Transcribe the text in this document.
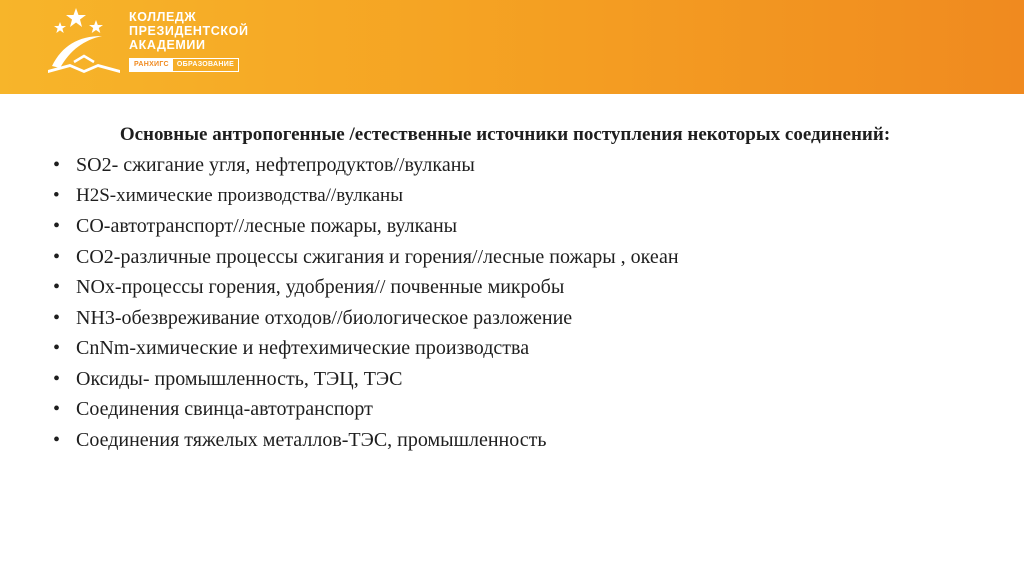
КОЛЛЕДЖ
ПРЕЗИДЕНТСКОЙ
АКАДЕМИИ
РАНХИГС	ОБРАЗОВАНИЕ
Основные антропогенные /естественные источники поступления некоторых соединений:
• SO2- сжигание угля, нефтепродуктов//вулканы
• H2S-химические производства//вулканы
• CO-автотранспорт//лесные пожары, вулканы
• CO2-различные процессы сжигания и горения//лесные пожары , океан
• NOx-процессы горения, удобрения// почвенные микробы
• NH3-обезвреживание отходов//биологическое разложение
• CnNm-химические и нефтехимические производства
• Оксиды- промышленность, ТЭЦ, ТЭС
• Соединения свинца-автотранспорт
• Соединения тяжелых металлов-ТЭС, промышленность
